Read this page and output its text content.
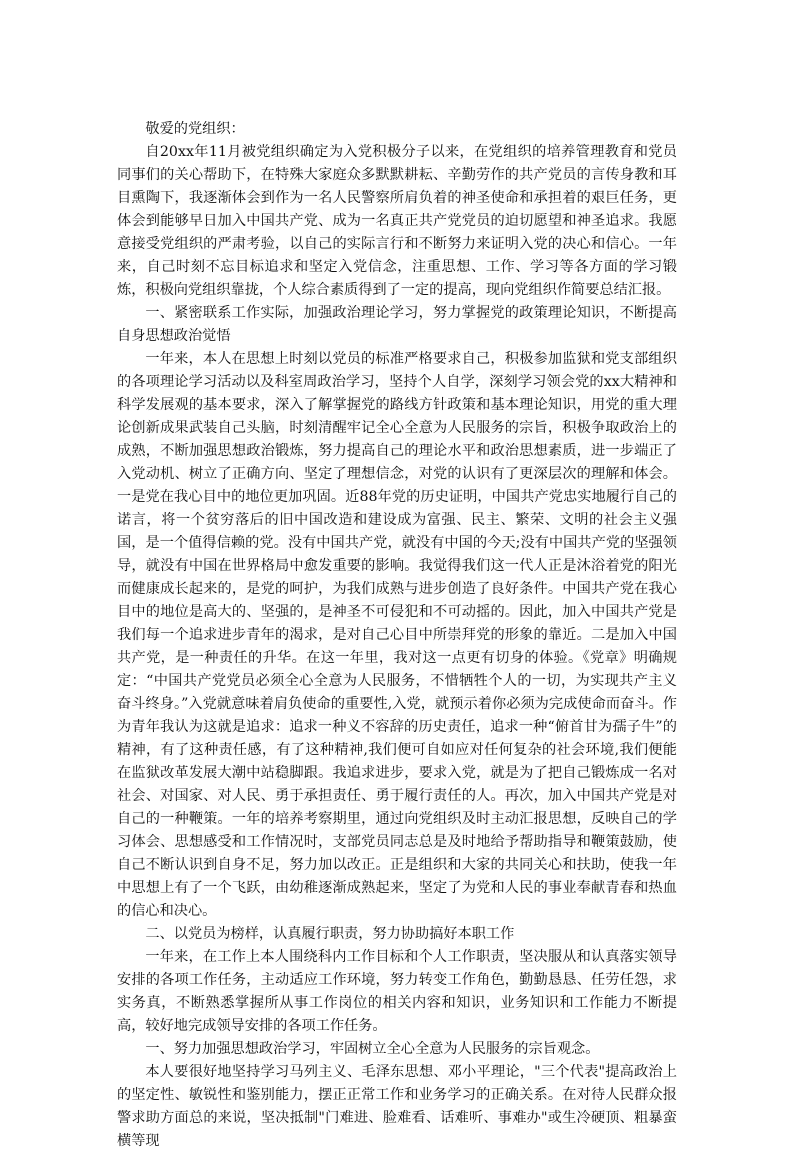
敬爱的党组织：

自20xx年11月被党组织确定为入党积极分子以来，在党组织的培养管理教育和党员同事们的关心帮助下，在特殊大家庭众多默默耕耘、辛勤劳作的共产党员的言传身教和耳目熏陶下，我逐渐体会到作为一名人民警察所肩负着的神圣使命和承担着的艰巨任务，更体会到能够早日加入中国共产党、成为一名真正共产党党员的迫切愿望和神圣追求。我愿意接受党组织的严肃考验，以自己的实际言行和不断努力来证明入党的决心和信心。一年来，自己时刻不忘目标追求和坚定入党信念，注重思想、工作、学习等各方面的学习锻炼，积极向党组织靠拢，个人综合素质得到了一定的提高，现向党组织作简要总结汇报。

一、紧密联系工作实际，加强政治理论学习，努力掌握党的政策理论知识，不断提高自身思想政治觉悟

一年来，本人在思想上时刻以党员的标准严格要求自己，积极参加监狱和党支部组织的各项理论学习活动以及科室周政治学习，坚持个人自学，深刻学习领会党的xx大精神和科学发展观的基本要求，深入了解掌握党的路线方针政策和基本理论知识，用党的重大理论创新成果武装自己头脑，时刻清醒牢记全心全意为人民服务的宗旨，积极争取政治上的成熟，不断加强思想政治锻炼，努力提高自己的理论水平和政治思想素质，进一步端正了入党动机、树立了正确方向、坚定了理想信念，对党的认识有了更深层次的理解和体会。一是党在我心目中的地位更加巩固。近88年党的历史证明，中国共产党忠实地履行自己的诺言，将一个贫穷落后的旧中国改造和建设成为富强、民主、繁荣、文明的社会主义强国，是一个值得信赖的党。没有中国共产党，就没有中国的今天;没有中国共产党的坚强领导，就没有中国在世界格局中愈发重要的影响。我觉得我们这一代人正是沐浴着党的阳光而健康成长起来的，是党的呵护，为我们成熟与进步创造了良好条件。中国共产党在我心目中的地位是高大的、坚强的，是神圣不可侵犯和不可动摇的。因此，加入中国共产党是我们每一个追求进步青年的渴求，是对自己心目中所崇拜党的形象的靠近。二是加入中国共产党，是一种责任的升华。在这一年里，我对这一点更有切身的体验。《党章》明确规定：“中国共产党党员必须全心全意为人民服务，不惜牺牲个人的一切，为实现共产主义奋斗终身。”入党就意味着肩负使命的重要性,入党，就预示着你必须为完成使命而奋斗。作为青年我认为这就是追求：追求一种义不容辞的历史责任，追求一种“俯首甘为孺子牛”的精神，有了这种责任感，有了这种精神,我们便可自如应对任何复杂的社会环境,我们便能在监狱改革发展大潮中站稳脚跟。我追求进步，要求入党，就是为了把自己锻炼成一名对社会、对国家、对人民、勇于承担责任、勇于履行责任的人。再次，加入中国共产党是对自己的一种鞭策。一年的培养考察期里，通过向党组织及时主动汇报思想，反映自己的学习体会、思想感受和工作情况时，支部党员同志总是及时地给予帮助指导和鞭策鼓励，使自己不断认识到自身不足，努力加以改正。正是组织和大家的共同关心和扶助，使我一年中思想上有了一个飞跃，由幼稚逐渐成熟起来，坚定了为党和人民的事业奉献青春和热血的信心和决心。

二、以党员为榜样，认真履行职责，努力协助搞好本职工作

一年来，在工作上本人围绕科内工作目标和个人工作职责，坚决服从和认真落实领导安排的各项工作任务，主动适应工作环境，努力转变工作角色，勤勤恳恳、任劳任怨，求实务真，不断熟悉掌握所从事工作岗位的相关内容和知识，业务知识和工作能力不断提高，较好地完成领导安排的各项工作任务。

一、努力加强思想政治学习，牢固树立全心全意为人民服务的宗旨观念。

本人要很好地坚持学习马列主义、毛泽东思想、邓小平理论，"三个代表"提高政治上的坚定性、敏锐性和鉴别能力，摆正正常工作和业务学习的正确关系。在对待人民群众报警求助方面总的来说，坚决抵制"门难进、脸难看、话难听、事难办"或生冷硬顶、粗暴蛮横等现
